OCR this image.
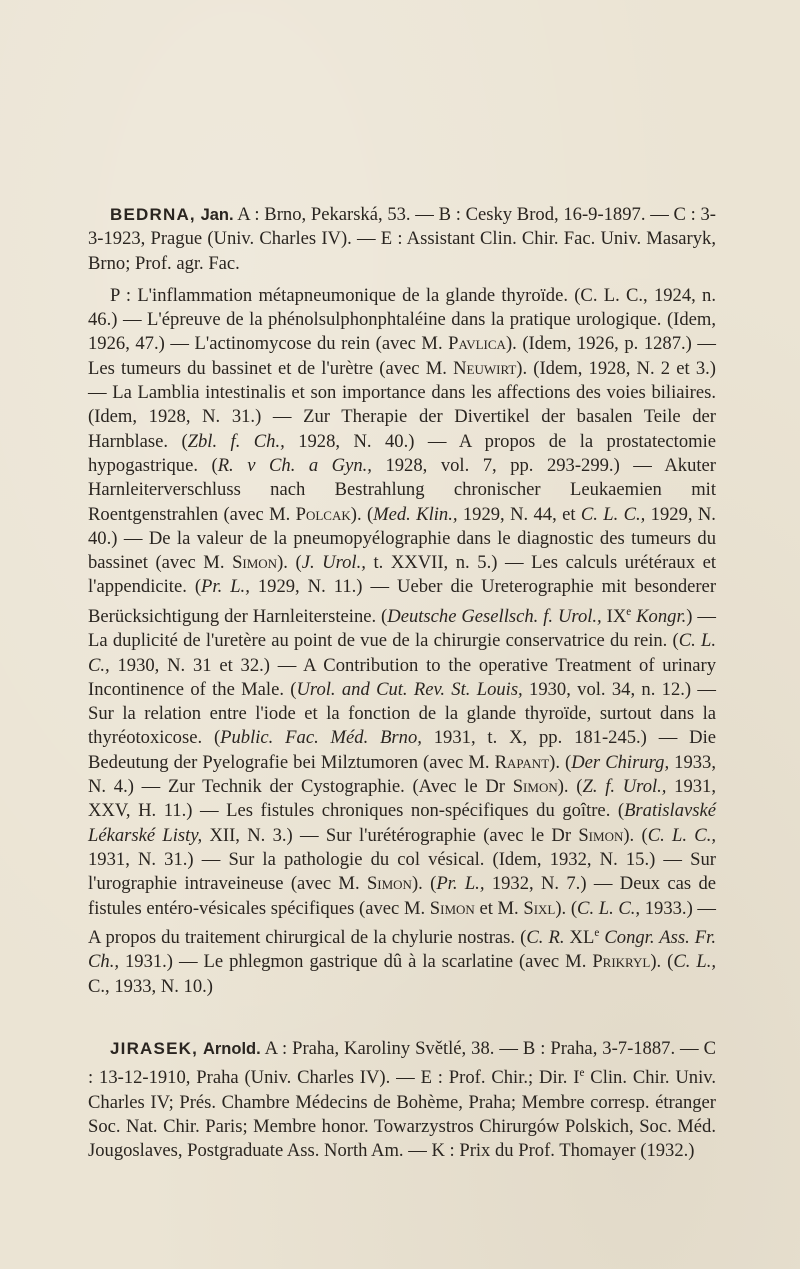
BEDRNA, Jan. A : Brno, Pekarská, 53. — B : Cesky Brod, 16-9-1897. — C : 3-3-1923, Prague (Univ. Charles IV). — E : Assistant Clin. Chir. Fac. Univ. Masaryk, Brno; Prof. agr. Fac.

P : L'inflammation métapneumonique de la glande thyroïde. (C. L. C., 1924, n. 46.) — L'épreuve de la phénolsulphonphtaléine dans la pratique urologique. (Idem, 1926, 47.) — L'actinomycose du rein (avec M. Pavlica). (Idem, 1926, p. 1287.) — Les tumeurs du bassinet et de l'urètre (avec M. Neuwirt). (Idem, 1928, N. 2 et 3.) — La Lamblia intestinalis et son importance dans les affections des voies biliaires. (Idem, 1928, N. 31.) — Zur Therapie der Divertikel der basalen Teile der Harnblase. (Zbl. f. Ch., 1928, N. 40.) — A propos de la prostatectomie hypogastrique. (R. v Ch. a Gyn., 1928, vol. 7, pp. 293-299.) — Akuter Harnleiterverschluss nach Bestrahlung chronischer Leukaemien mit Roentgenstrahlen (avec M. Polcak). (Med. Klin., 1929, N. 44, et C. L. C., 1929, N. 40.) — De la valeur de la pneumopyélographie dans le diagnostic des tumeurs du bassinet (avec M. Simon). (J. Urol., t. XXVII, n. 5.) — Les calculs urétéraux et l'appendicite. (Pr. L., 1929, N. 11.) — Ueber die Ureterographie mit besonderer Berücksichtigung der Harnleitersteine. (Deutsche Gesellsch. f. Urol., IXe Kongr.) — La duplicité de l'uretère au point de vue de la chirurgie conservatrice du rein. (C. L. C., 1930, N. 31 et 32.) — A Contribution to the operative Treatment of urinary Incontinence of the Male. (Urol. and Cut. Rev. St. Louis, 1930, vol. 34, n. 12.) — Sur la relation entre l'iode et la fonction de la glande thyroïde, surtout dans la thyréotoxicose. (Public. Fac. Méd. Brno, 1931, t. X, pp. 181-245.) — Die Bedeutung der Pyelografie bei Milztumoren (avec M. Rapant). (Der Chirurg, 1933, N. 4.) — Zur Technik der Cystographie. (Avec le Dr Simon). (Z. f. Urol., 1931, XXV, H. 11.) — Les fistules chroniques non-spécifiques du goître. (Bratislavské Lékarské Listy, XII, N. 3.) — Sur l'urétérographie (avec le Dr Simon). (C. L. C., 1931, N. 31.) — Sur la pathologie du col vésical. (Idem, 1932, N. 15.) — Sur l'urographie intraveineuse (avec M. Simon). (Pr. L., 1932, N. 7.) — Deux cas de fistules entéro-vésicales spécifiques (avec M. Simon et M. Sixl). (C. L. C., 1933.) — A propos du traitement chirurgical de la chylurie nostras. (C. R. XLe Congr. Ass. Fr. Ch., 1931.) — Le phlegmon gastrique dû à la scarlatine (avec M. Prikryl). (C. L., C., 1933, N. 10.)

JIRASEK, Arnold. A : Praha, Karoliny Světlé, 38. — B : Praha, 3-7-1887. — C : 13-12-1910, Praha (Univ. Charles IV). — E : Prof. Chir.; Dir. Ie Clin. Chir. Univ. Charles IV; Prés. Chambre Médecins de Bohème, Praha; Membre corresp. étranger Soc. Nat. Chir. Paris; Membre honor. Towarzystros Chirurgów Polskich, Soc. Méd. Jougoslaves, Postgraduate Ass. North Am. — K : Prix du Prof. Thomayer (1932.)
